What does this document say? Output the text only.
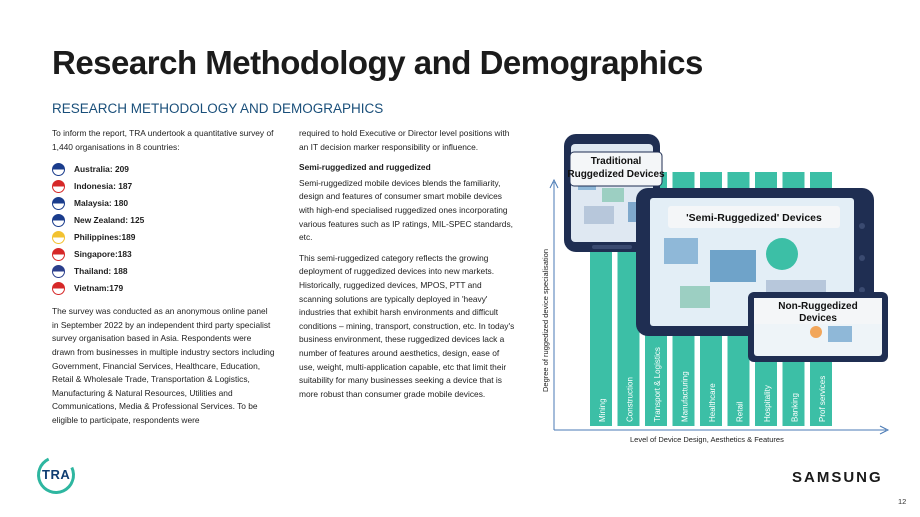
Research Methodology and Demographics
RESEARCH METHODOLOGY AND DEMOGRAPHICS

To inform the report, TRA undertook a quantitative survey of 1,440 organisations in 8 countries:

Australia: 209
Indonesia: 187
Malaysia: 180
New Zealand: 125
Philippines:189
Singapore:183
Thailand: 188
Vietnam:179

The survey was conducted as an anonymous online panel in September 2022 by an independent third party specialist survey organisation based in Asia. Respondents were drawn from businesses in multiple industry sectors including Government, Financial Services, Healthcare, Education, Retail & Wholesale Trade, Transportation & Logistics, Manufacturing & Natural Resources, Utilities and Communications, Media & Professional Services. To be eligible to participate, respondents were

required to hold Executive or Director level positions with an IT decision marker responsibility or influence.

Semi-ruggedized and ruggedized

Semi-ruggedized mobile devices blends the familiarity, design and features of consumer smart mobile devices with high-end specialised ruggedized ones incorporating various features such as IP ratings, MIL-SPEC standards, etc.

This semi-ruggedized category reflects the growing deployment of ruggedized devices into new markets. Historically, ruggedized devices, MPOS, PTT and scanning solutions are typically deployed in 'heavy' industries that exhibit harsh environments and difficult conditions – mining, transport, construction, etc. In today's business environment, these ruggedized devices lack a number of features around aesthetics, design, ease of use, weight, multi-application capable, etc that limit their suitability for many businesses seeking a device that is more robust than consumer grade mobile devices.

Mining Construction Transport & Logistics Manufacturing Healthcare Retail Hospitality Banking Prof services
Degree of ruggedized device specialisation
Level of Device Design, Aesthetics & Features
Traditional
Ruggedized Devices
'Semi-Ruggedized' Devices
Non-Ruggedized
Devices
TRA	SAMSUNG
12
